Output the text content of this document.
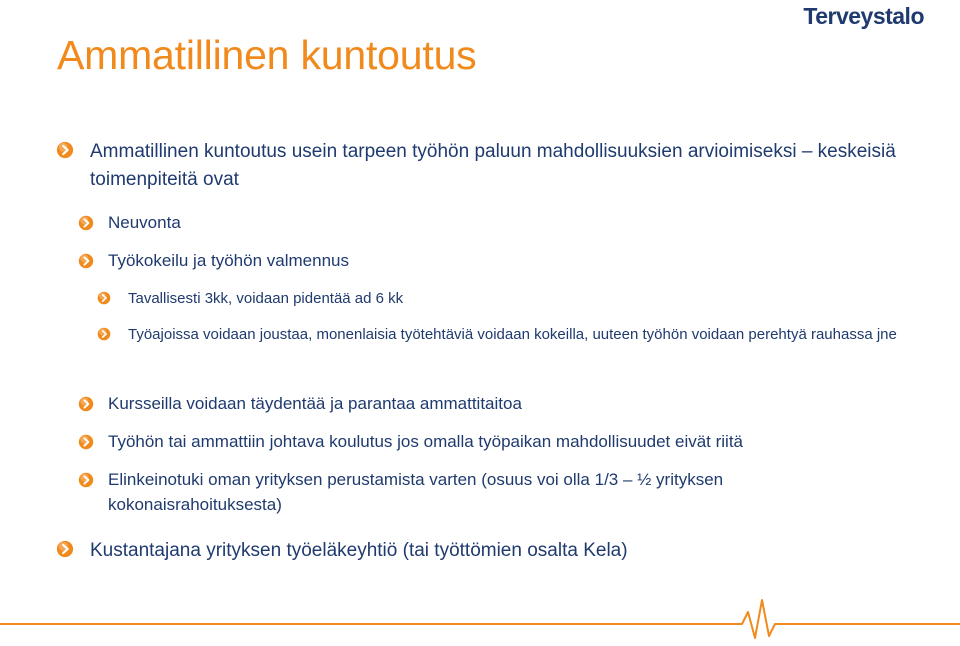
Terveystalo
Ammatillinen kuntoutus
Ammatillinen kuntoutus usein tarpeen työhön paluun mahdollisuuksien arvioimiseksi – keskeisiä toimenpiteitä ovat
Neuvonta
Työkokeilu ja työhön valmennus
Tavallisesti 3kk, voidaan pidentää ad 6 kk
Työajoissa voidaan joustaa, monenlaisia työtehtäviä voidaan kokeilla, uuteen työhön voidaan perehtyä rauhassa jne
Kursseilla voidaan täydentää ja parantaa ammattitaitoa
Työhön tai ammattiin johtava koulutus jos omalla työpaikan mahdollisuudet eivät riitä
Elinkeinotuki oman yrityksen perustamista varten (osuus voi olla 1/3 – ½ yrityksen kokonaisrahoituksesta)
Kustantajana yrityksen työeläkeyhtiö (tai työttömien osalta Kela)
